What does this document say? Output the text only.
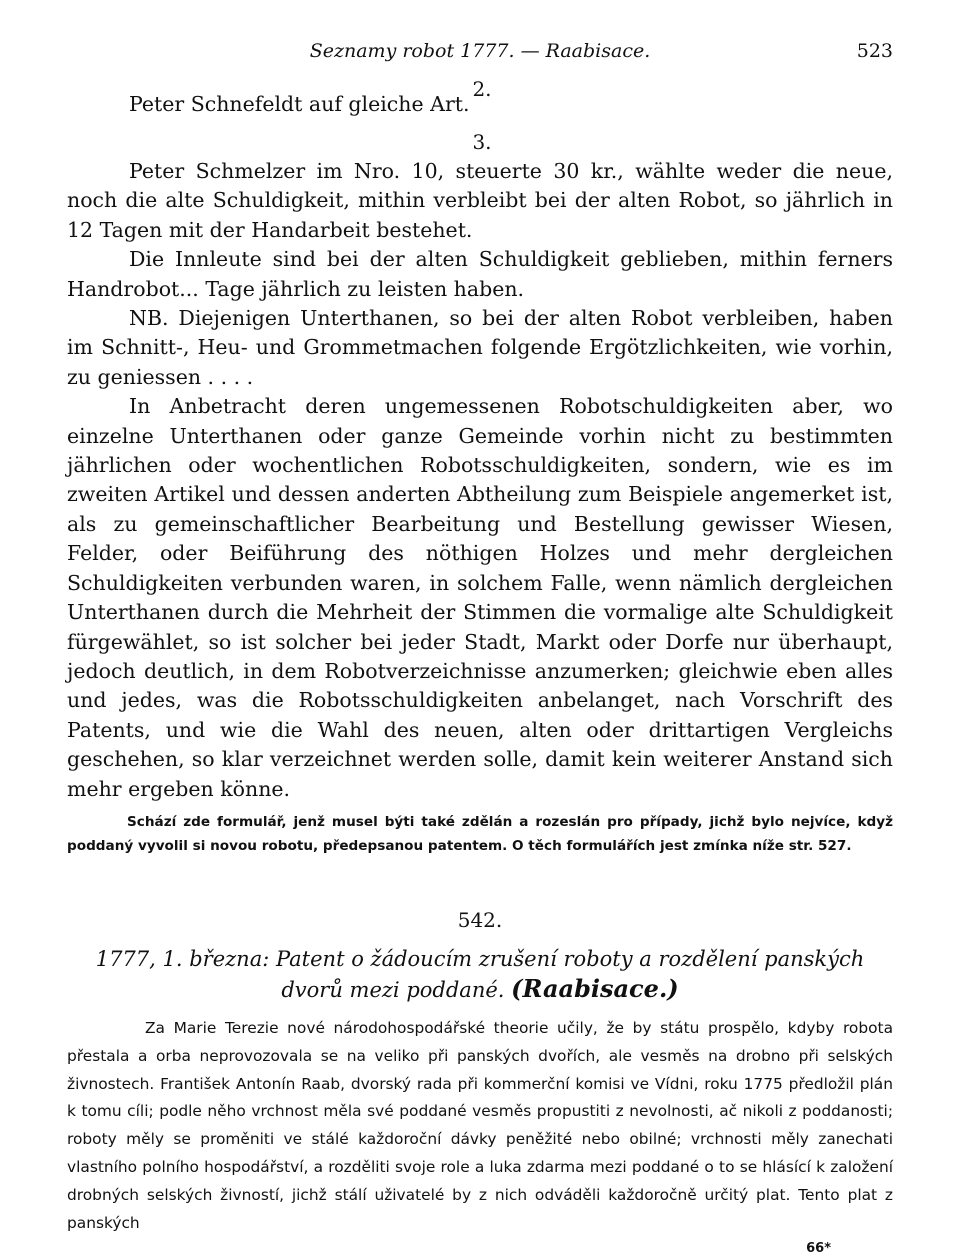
Seznamy robot 1777. — Raabisace.	523
2.

Peter Schnefeldt auf gleiche Art.

3.

Peter Schmelzer im Nro. 10, steuerte 30 kr., wählte weder die neue, noch die alte Schuldigkeit, mithin verbleibt bei der alten Robot, so jährlich in 12 Tagen mit der Handarbeit bestehet.

Die Innleute sind bei der alten Schuldigkeit geblieben, mithin ferners Handrobot... Tage jährlich zu leisten haben.

NB. Diejenigen Unterthanen, so bei der alten Robot verbleiben, haben im Schnitt-, Heu- und Grommetmachen folgende Ergötzlichkeiten, wie vorhin, zu geniessen . . . .

In Anbetracht deren ungemessenen Robotschuldigkeiten aber, wo einzelne Unterthanen oder ganze Gemeinde vorhin nicht zu bestimmten jährlichen oder wochentlichen Robotsschuldigkeiten, sondern, wie es im zweiten Artikel und dessen anderten Abtheilung zum Beispiele angemerket ist, als zu gemeinschaftlicher Bearbeitung und Bestellung gewisser Wiesen, Felder, oder Beiführung des nöthigen Holzes und mehr dergleichen Schuldigkeiten verbunden waren, in solchem Falle, wenn nämlich dergleichen Unterthanen durch die Mehrheit der Stimmen die vormalige alte Schuldigkeit fürgewählet, so ist solcher bei jeder Stadt, Markt oder Dorfe nur überhaupt, jedoch deutlich, in dem Robotverzeichnisse anzumerken; gleichwie eben alles und jedes, was die Robotsschuldigkeiten anbelanget, nach Vorschrift des Patents, und wie die Wahl des neuen, alten oder drittartigen Vergleichs geschehen, so klar verzeichnet werden solle, damit kein weiterer Anstand sich mehr ergeben könne.

Schází zde formulář, jenž musel býti také zdělán a rozeslán pro případy, jichž bylo nejvíce, když poddaný vyvolil si novou robotu, předepsanou patentem. O těch formulářích jest zmínka níže str. 527.

542.
1777, 1. března: Patent o žádoucím zrušení roboty a rozdělení panských dvorů mezi poddané. (Raabisace.)

Za Marie Terezie nové národohospodářské theorie učily, že by státu prospělo, kdyby robota přestala a orba neprovozovala se na veliko při panských dvořích, ale vesměs na drobno při selských živnostech. František Antonín Raab, dvorský rada při kommerční komisi ve Vídni, roku 1775 předložil plán k tomu cíli; podle něho vrchnost měla své poddané vesměs propustiti z nevolnosti, ač nikoli z poddanosti; roboty měly se proměniti ve stálé každoroční dávky peněžité nebo obilné; vrchnosti měly zanechati vlastního polního hospodářství, a rozděliti svoje role a luka zdarma mezi poddané o to se hlásící k založení drobných selských živností, jichž stálí uživatelé by z nich odváděli každoročně určitý plat. Tento plat z panských

66*
